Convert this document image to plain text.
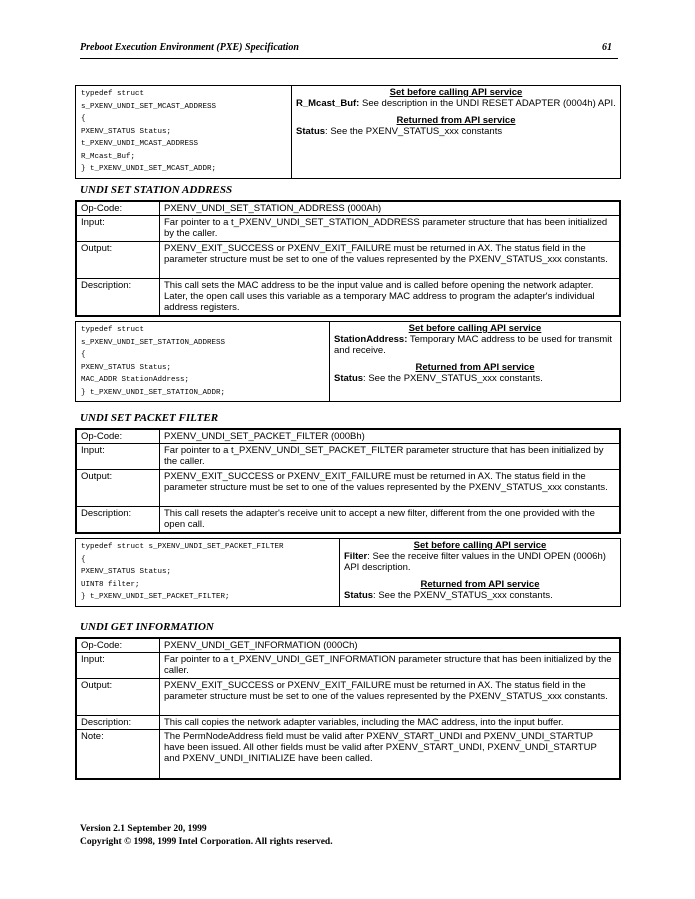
Preboot Execution Environment (PXE) Specification	61
typedef struct
s_PXENV_UNDI_SET_MCAST_ADDRESS
{
PXENV_STATUS Status;
t_PXENV_UNDI_MCAST_ADDRESS
R_Mcast_Buf;
} t_PXENV_UNDI_SET_MCAST_ADDR;	
Set before calling API service
R_Mcast_Buf: See description in the UNDI RESET ADAPTER (0004h) API.
Returned from API service
Status: See the PXENV_STATUS_xxx constants
UNDI SET STATION ADDRESS
Op-Code:	PXENV_UNDI_SET_STATION_ADDRESS (000Ah)
Input:	Far pointer to a t_PXENV_UNDI_SET_STATION_ADDRESS parameter structure that has been initialized by the caller.
Output:	PXENV_EXIT_SUCCESS or PXENV_EXIT_FAILURE must be returned in AX. The status field in the parameter structure must be set to one of the values represented by the PXENV_STATUS_xxx constants.
Description:	This call sets the MAC address to be the input value and is called before opening the network adapter. Later, the open call uses this variable as a temporary MAC address to program the adapter's individual address registers.
typedef struct
s_PXENV_UNDI_SET_STATION_ADDRESS
{
PXENV_STATUS Status;
MAC_ADDR StationAddress;
} t_PXENV_UNDI_SET_STATION_ADDR;	
Set before calling API service
StationAddress: Temporary MAC address to be used for transmit and receive.
Returned from API service
Status: See the PXENV_STATUS_xxx constants.
UNDI SET PACKET FILTER
Op-Code:	PXENV_UNDI_SET_PACKET_FILTER (000Bh)
Input:	Far pointer to a t_PXENV_UNDI_SET_PACKET_FILTER parameter structure that has been initialized by the caller.
Output:	PXENV_EXIT_SUCCESS or PXENV_EXIT_FAILURE must be returned in AX. The status field in the parameter structure must be set to one of the values represented by the PXENV_STATUS_xxx constants.
Description:	This call resets the adapter's receive unit to accept a new filter, different from the one provided with the open call.
typedef struct s_PXENV_UNDI_SET_PACKET_FILTER
{
PXENV_STATUS Status;
UINT8 filter;
} t_PXENV_UNDI_SET_PACKET_FILTER;	
Set before calling API service
Filter: See the receive filter values in the UNDI OPEN (0006h) API description.
Returned from API service
Status: See the PXENV_STATUS_xxx constants.
UNDI GET INFORMATION
Op-Code:	PXENV_UNDI_GET_INFORMATION (000Ch)
Input:	Far pointer to a t_PXENV_UNDI_GET_INFORMATION parameter structure that has been initialized by the caller.
Output:	PXENV_EXIT_SUCCESS or PXENV_EXIT_FAILURE must be returned in AX. The status field in the parameter structure must be set to one of the values represented by the PXENV_STATUS_xxx constants.
Description:	This call copies the network adapter variables, including the MAC address, into the input buffer.
Note:	The PermNodeAddress field must be valid after PXENV_START_UNDI and PXENV_UNDI_STARTUP have been issued. All other fields must be valid after PXENV_START_UNDI, PXENV_UNDI_STARTUP and PXENV_UNDI_INITIALIZE have been called.
Version 2.1 September 20, 1999
Copyright © 1998, 1999 Intel Corporation. All rights reserved.
